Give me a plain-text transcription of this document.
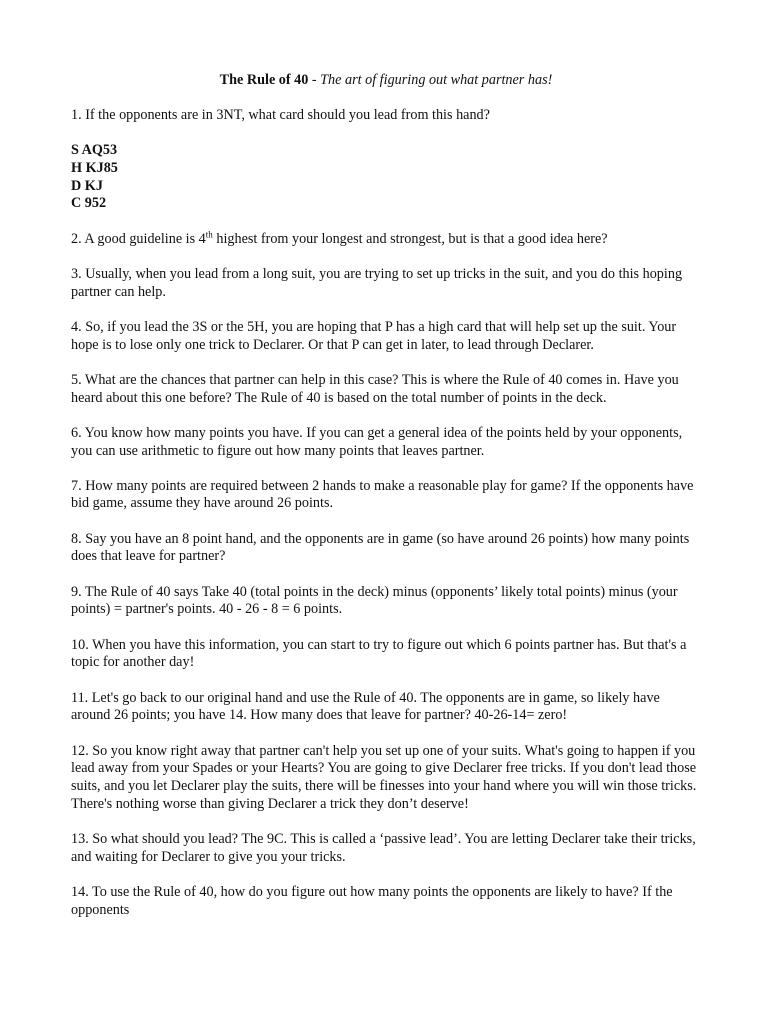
The Rule of 40 - The art of figuring out what partner has!

1. If the opponents are in 3NT, what card should you lead from this hand?

S AQ53
H KJ85
D KJ
C 952

2. A good guideline is 4th highest from your longest and strongest, but is that a good idea here?

3. Usually, when you lead from a long suit, you are trying to set up tricks in the suit, and you do this hoping partner can help.

4. So, if you lead the 3S or the 5H, you are hoping that P has a high card that will help set up the suit. Your hope is to lose only one trick to Declarer. Or that P can get in later, to lead through Declarer.

5. What are the chances that partner can help in this case? This is where the Rule of 40 comes in. Have you heard about this one before? The Rule of 40 is based on the total number of points in the deck.

6. You know how many points you have. If you can get a general idea of the points held by your opponents, you can use arithmetic to figure out how many points that leaves partner.

7. How many points are required between 2 hands to make a reasonable play for game? If the opponents have bid game, assume they have around 26 points.

8. Say you have an 8 point hand, and the opponents are in game (so have around 26 points) how many points does that leave for partner?

9. The Rule of 40 says Take 40 (total points in the deck) minus (opponents’ likely total points) minus (your points) = partner's points. 40 - 26 - 8 = 6 points.

10. When you have this information, you can start to try to figure out which 6 points partner has. But that's a topic for another day!

11. Let's go back to our original hand and use the Rule of 40. The opponents are in game, so likely have around 26 points; you have 14. How many does that leave for partner? 40-26-14= zero!

12. So you know right away that partner can't help you set up one of your suits. What's going to happen if you lead away from your Spades or your Hearts? You are going to give Declarer free tricks. If you don't lead those suits, and you let Declarer play the suits, there will be finesses into your hand where you will win those tricks. There's nothing worse than giving Declarer a trick they don’t deserve!

13. So what should you lead? The 9C. This is called a ‘passive lead’. You are letting Declarer take their tricks, and waiting for Declarer to give you your tricks.

14. To use the Rule of 40, how do you figure out how many points the opponents are likely to have? If the opponents
